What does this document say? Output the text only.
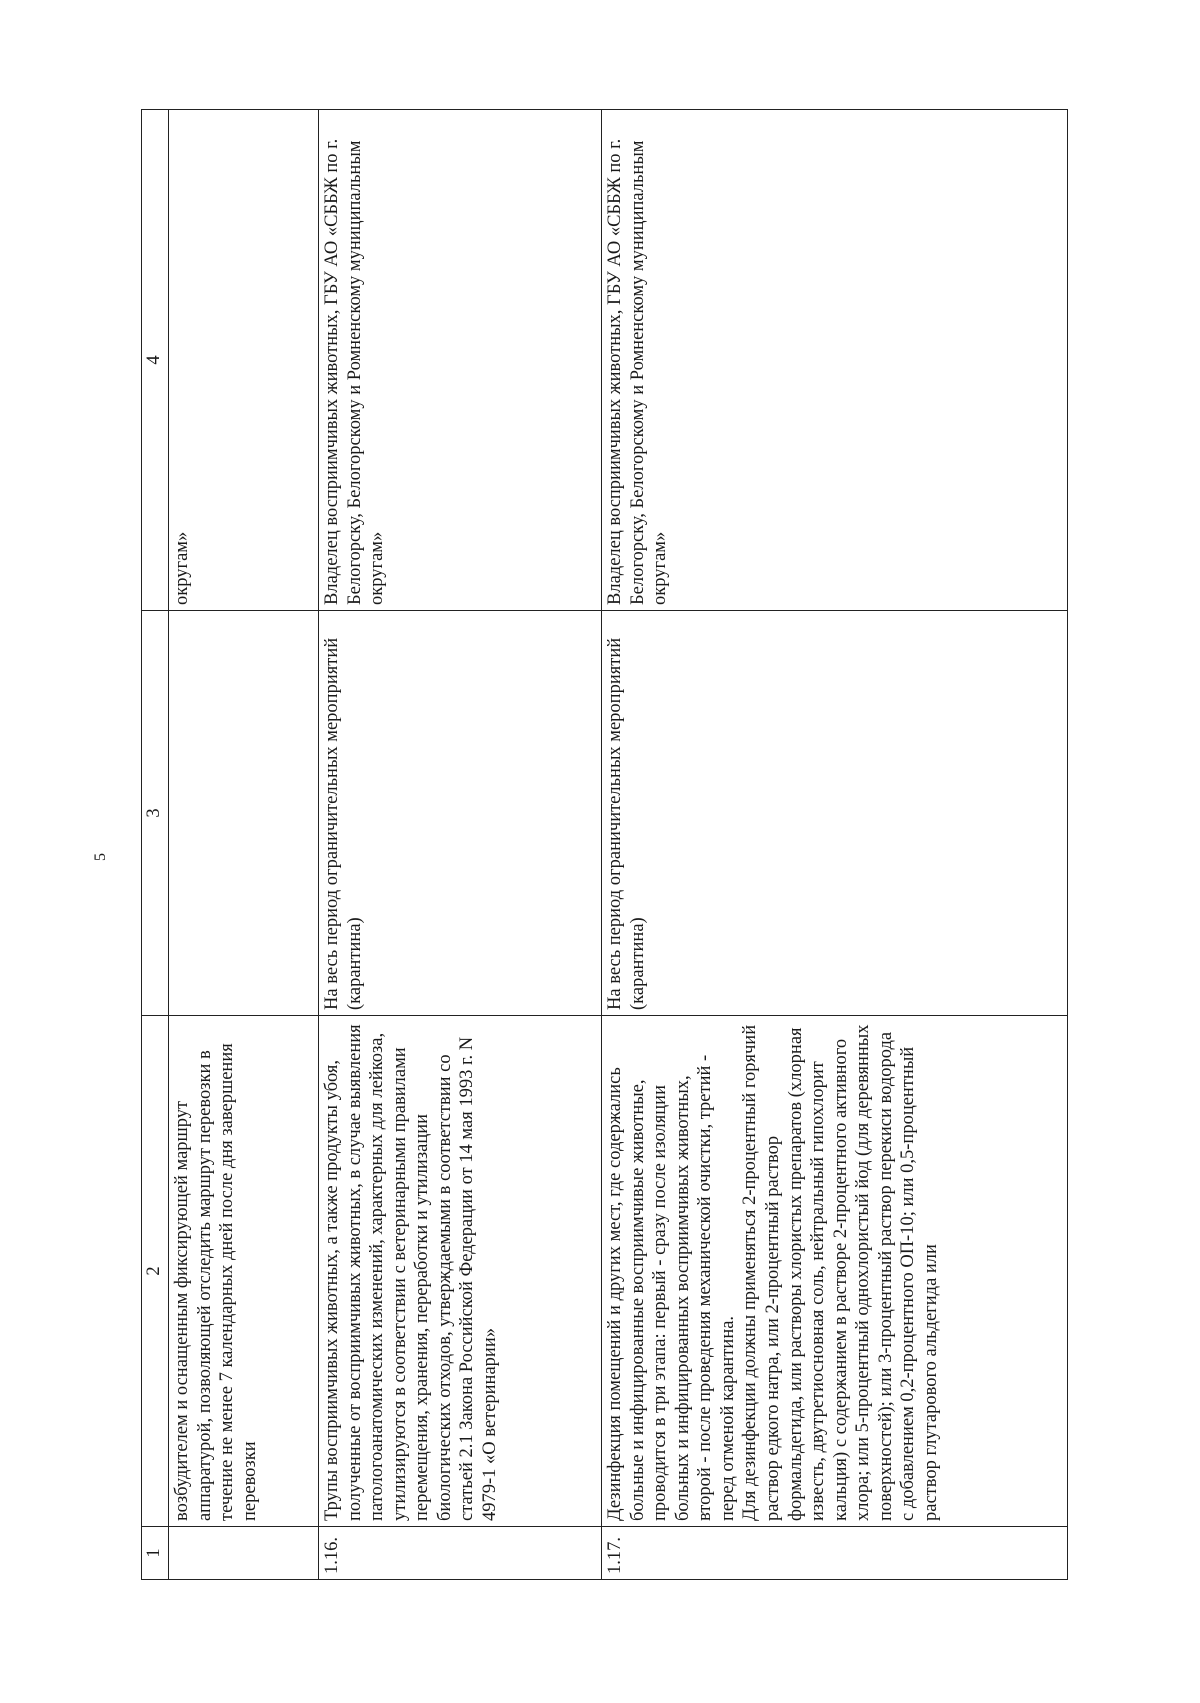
5
1	2	3	4
	возбудителем и оснащенным фиксирующей маршрут аппаратурой, позволяющей отследить маршрут перевозки в течение не менее 7 календарных дней после дня завершения перевозки		округам»
1.16.	Трупы восприимчивых животных, а также продукты убоя, полученные от восприимчивых животных, в случае выявления патологоанатомических изменений, характерных для лейкоза, утилизируются в соответствии с ветеринарными правилами перемещения, хранения, переработки и утилизации биологических отходов, утверждаемыми в соответствии со статьей 2.1 Закона Российской Федерации от 14 мая 1993 г. N 4979-1 «О ветеринарии»	На весь период ограничительных мероприятий (карантина)	Владелец восприимчивых животных, ГБУ АО «СББЖ по г. Белогорску, Белогорскому и Ромненскому муниципальным округам»
1.17.	Дезинфекция помещений и других мест, где содержались больные и инфицированные восприимчивые животные, проводится в три этапа: первый - сразу после изоляции больных и инфицированных восприимчивых животных, второй - после проведения механической очистки, третий - перед отменой карантина.
Для дезинфекции должны применяться 2-процентный горячий раствор едкого натра, или 2-процентный раствор формальдегида, или растворы хлористых препаратов (хлорная известь, двутретиосновная соль, нейтральный гипохлорит кальция) с содержанием в растворе 2-процентного активного хлора; или 5-процентный однохлористый йод (для деревянных поверхностей); или 3-процентный раствор перекиси водорода с добавлением 0,2-процентного ОП-10; или 0,5-процентный раствор глутарового альдегида или	На весь период ограничительных мероприятий (карантина)	Владелец восприимчивых животных, ГБУ АО «СББЖ по г. Белогорску, Белогорскому и Ромненскому муниципальным округам»
